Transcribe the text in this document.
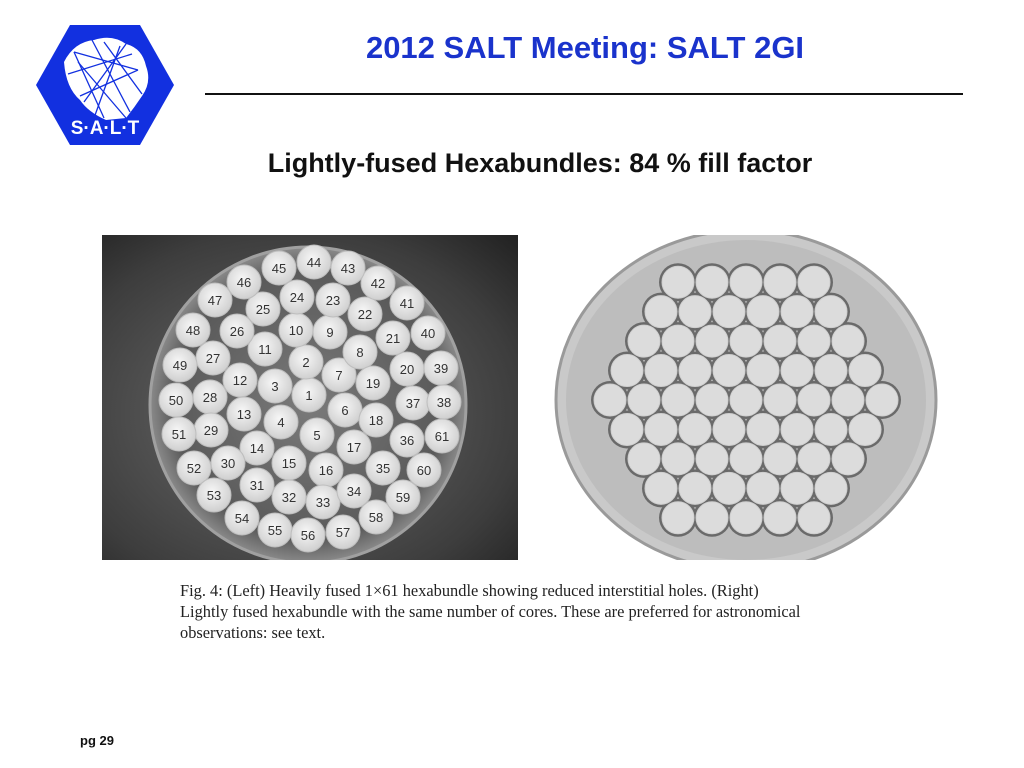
S·A·L·T
2012 SALT Meeting: SALT 2GI
Lightly-fused Hexabundles: 84 % fill factor
1
2
3
4
5
6
7
8
9
10
11
12
13
14
15 16
17
18
19
20
21
22
23
24
25
26
27
28
29
30
31
32 33
34
35
36
37 38
39
40
41
42
43
44
45
46
47
48
49
50
51
52
53
54
55 56 57
58
59
60
61
Fig. 4: (Left) Heavily fused 1×61 hexabundle showing reduced interstitial holes. (Right)
Lightly fused hexabundle with the same number of cores. These are preferred for astronomical
observations: see text.
pg 29
